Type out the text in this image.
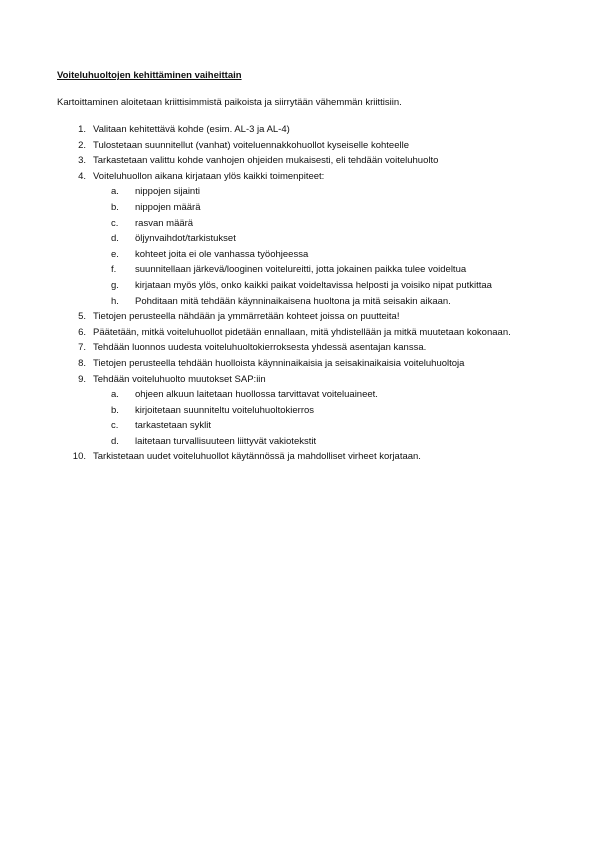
Voiteluhuoltojen kehittäminen vaiheittain
Kartoittaminen aloitetaan kriittisimmistä paikoista ja siirrytään vähemmän kriittisiin.
1. Valitaan kehitettävä kohde (esim. AL-3 ja AL-4)
2. Tulostetaan suunnitellut (vanhat) voiteluennakkohuollot kyseiselle kohteelle
3. Tarkastetaan valittu kohde vanhojen ohjeiden mukaisesti, eli tehdään voiteluhuolto
4. Voiteluhuollon aikana kirjataan ylös kaikki toimenpiteet:
a. nippojen sijainti
b. nippojen määrä
c. rasvan määrä
d. öljynvaihdot/tarkistukset
e. kohteet joita ei ole vanhassa työohjeessa
f. suunnitellaan järkevä/looginen voitelureitti, jotta jokainen paikka tulee voideltua
g. kirjataan myös ylös, onko kaikki paikat voideltavissa helposti ja voisiko nipat putkittaa
h. Pohditaan mitä tehdään käynninaikaisena huoltona ja mitä seisakin aikaan.
5. Tietojen perusteella nähdään ja ymmärretään kohteet joissa on puutteita!
6. Päätetään, mitkä voiteluhuollot pidetään ennallaan, mitä yhdistellään ja mitkä muutetaan kokonaan.
7. Tehdään luonnos uudesta voiteluhuoltokierroksesta yhdessä asentajan kanssa.
8. Tietojen perusteella tehdään huolloista käynninaikaisia ja seisakinaikaisia voiteluhuoltoja
9. Tehdään voiteluhuolto muutokset SAP:iin
a. ohjeen alkuun laitetaan huollossa tarvittavat voiteluaineet.
b. kirjoitetaan suunniteltu voiteluhuoltokierros
c. tarkastetaan syklit
d. laitetaan turvallisuuteen liittyvät vakiotekstit
10. Tarkistetaan uudet voiteluhuollot käytännössä ja mahdolliset virheet korjataan.
